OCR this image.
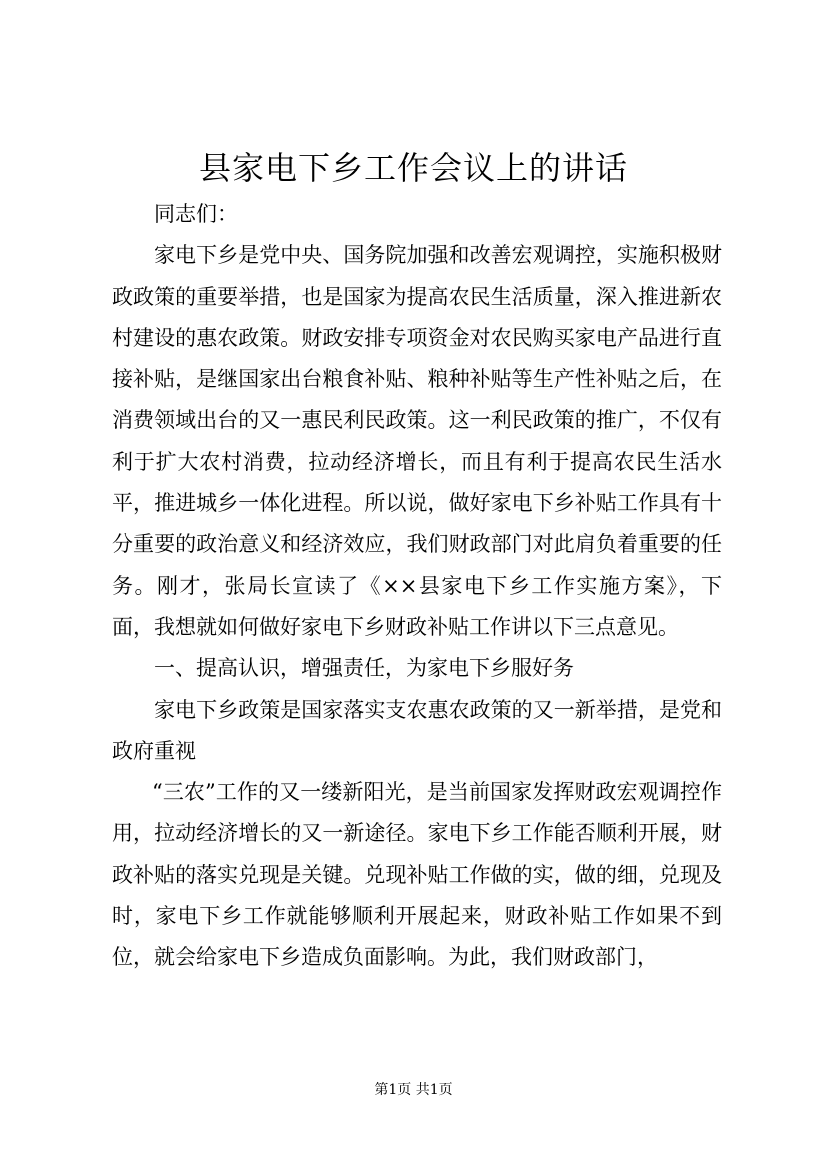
县家电下乡工作会议上的讲话

同志们：

家电下乡是党中央、国务院加强和改善宏观调控，实施积极财政政策的重要举措，也是国家为提高农民生活质量，深入推进新农村建设的惠农政策。财政安排专项资金对农民购买家电产品进行直接补贴，是继国家出台粮食补贴、粮种补贴等生产性补贴之后，在消费领域出台的又一惠民利民政策。这一利民政策的推广，不仅有利于扩大农村消费，拉动经济增长，而且有利于提高农民生活水平，推进城乡一体化进程。所以说，做好家电下乡补贴工作具有十分重要的政治意义和经济效应，我们财政部门对此肩负着重要的任务。刚才，张局长宣读了《××县家电下乡工作实施方案》，下面，我想就如何做好家电下乡财政补贴工作讲以下三点意见。

一、提高认识，增强责任，为家电下乡服好务

家电下乡政策是国家落实支农惠农政策的又一新举措，是党和政府重视

“三农”工作的又一缕新阳光，是当前国家发挥财政宏观调控作用，拉动经济增长的又一新途径。家电下乡工作能否顺利开展，财政补贴的落实兑现是关键。兑现补贴工作做的实，做的细，兑现及时，家电下乡工作就能够顺利开展起来，财政补贴工作如果不到位，就会给家电下乡造成负面影响。为此，我们财政部门，

第1页 共1页
